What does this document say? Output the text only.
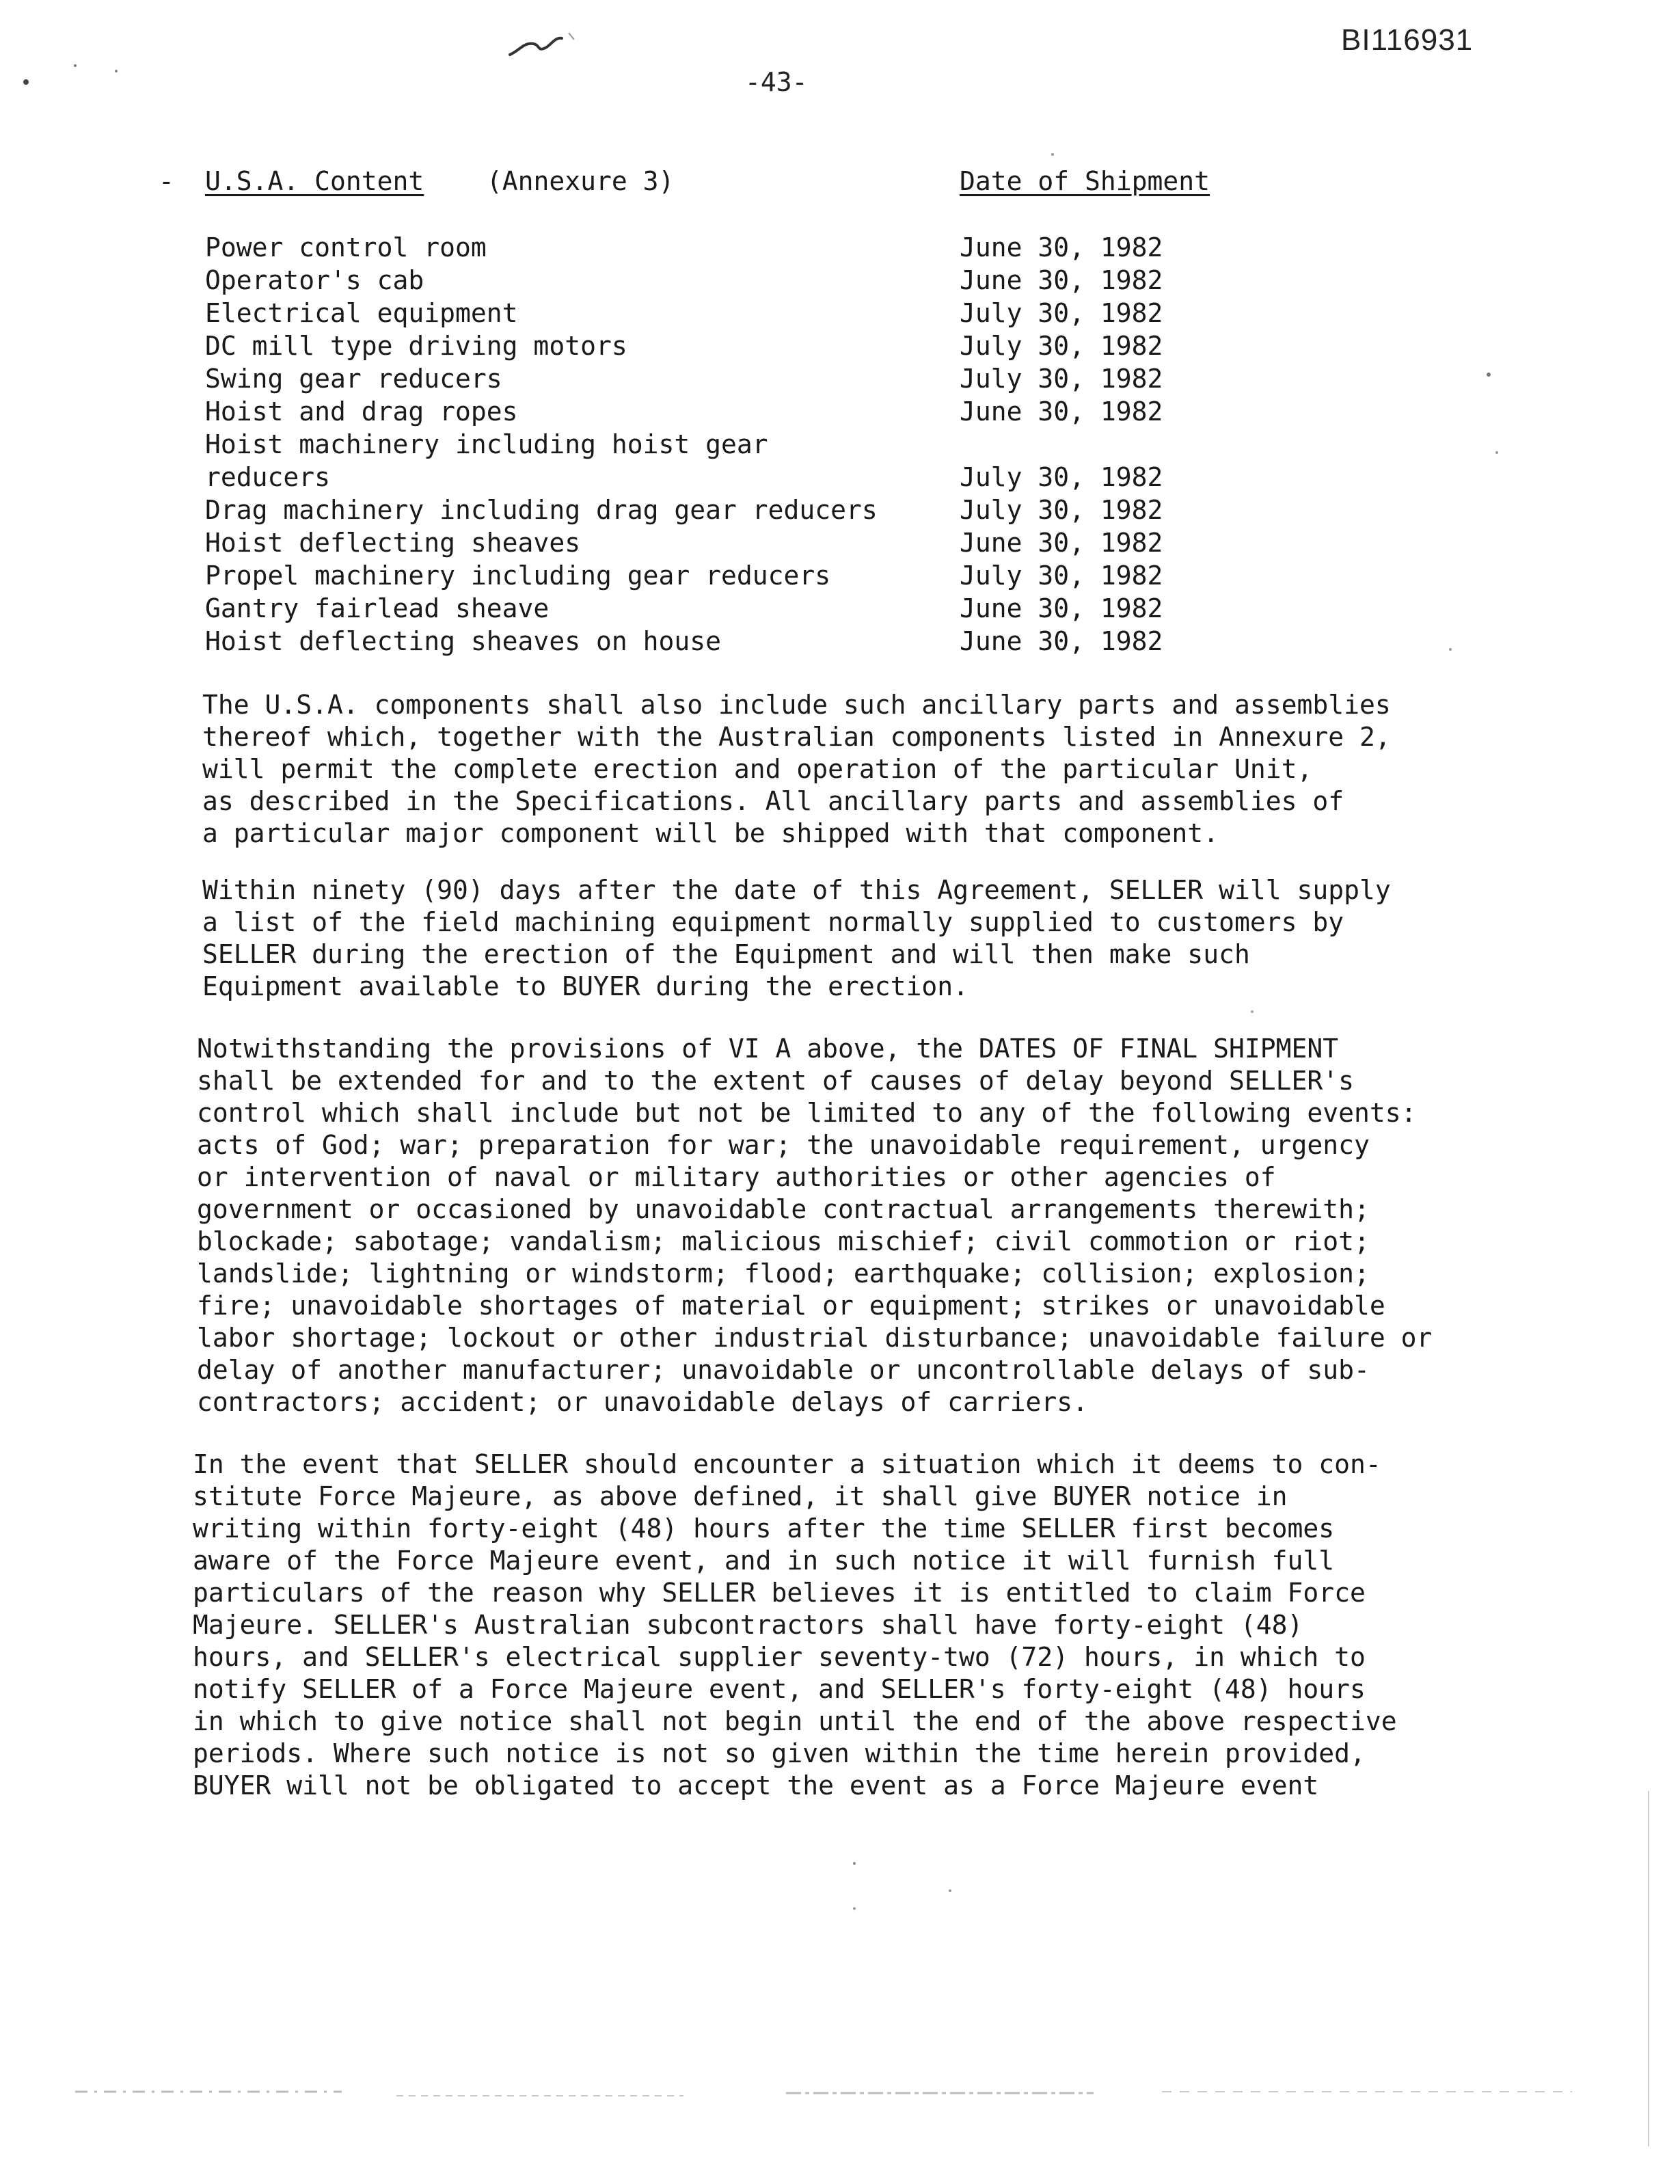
BI116931
-43-
- U.S.A. Content (Annexure 3)	Date of Shipment
Power control room	June 30, 1982
Operator's cab	June 30, 1982
Electrical equipment	July 30, 1982
DC mill type driving motors	July 30, 1982
Swing gear reducers	July 30, 1982
Hoist and drag ropes	June 30, 1982
Hoist machinery including hoist gear
reducers	July 30, 1982
Drag machinery including drag gear reducers	July 30, 1982
Hoist deflecting sheaves	June 30, 1982
Propel machinery including gear reducers	July 30, 1982
Gantry fairlead sheave	June 30, 1982
Hoist deflecting sheaves on house	June 30, 1982

The U.S.A. components shall also include such ancillary parts and assemblies
thereof which, together with the Australian components listed in Annexure 2,
will permit the complete erection and operation of the particular Unit,
as described in the Specifications. All ancillary parts and assemblies of
a particular major component will be shipped with that component.

Within ninety (90) days after the date of this Agreement, SELLER will supply
a list of the field machining equipment normally supplied to customers by
SELLER during the erection of the Equipment and will then make such
Equipment available to BUYER during the erection.

Notwithstanding the provisions of VI A above, the DATES OF FINAL SHIPMENT
shall be extended for and to the extent of causes of delay beyond SELLER's
control which shall include but not be limited to any of the following events:
acts of God; war; preparation for war; the unavoidable requirement, urgency
or intervention of naval or military authorities or other agencies of
government or occasioned by unavoidable contractual arrangements therewith;
blockade; sabotage; vandalism; malicious mischief; civil commotion or riot;
landslide; lightning or windstorm; flood; earthquake; collision; explosion;
fire; unavoidable shortages of material or equipment; strikes or unavoidable
labor shortage; lockout or other industrial disturbance; unavoidable failure or
delay of another manufacturer; unavoidable or uncontrollable delays of sub-
contractors; accident; or unavoidable delays of carriers.

In the event that SELLER should encounter a situation which it deems to con-
stitute Force Majeure, as above defined, it shall give BUYER notice in
writing within forty-eight (48) hours after the time SELLER first becomes
aware of the Force Majeure event, and in such notice it will furnish full
particulars of the reason why SELLER believes it is entitled to claim Force
Majeure. SELLER's Australian subcontractors shall have forty-eight (48)
hours, and SELLER's electrical supplier seventy-two (72) hours, in which to
notify SELLER of a Force Majeure event, and SELLER's forty-eight (48) hours
in which to give notice shall not begin until the end of the above respective
periods. Where such notice is not so given within the time herein provided,
BUYER will not be obligated to accept the event as a Force Majeure event
